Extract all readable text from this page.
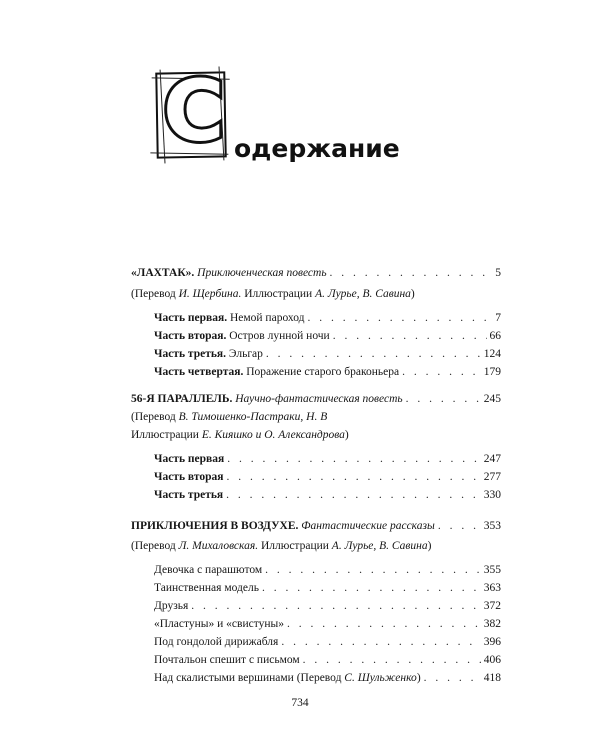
С одержание
«ЛАХТАК». Приключенческая повесть . . .	5
(Перевод И. Щербина. Иллюстрации А. Лурье, В. Савина)
Часть первая. Немой пароход . . .	7
Часть вторая. Остров лунной ночи . . .	66
Часть третья. Эльгар . . .	124
Часть четвертая. Поражение старого браконьера . . .	179
56-Я ПАРАЛЛЕЛЬ. Научно-фантастическая повесть . . .	245
(Перевод В. Тимошенко-Пастраки, Н. В
Иллюстрации Е. Кияшко и О. Александрова)
Часть первая . . .	247
Часть вторая . . .	277
Часть третья . . .	330
ПРИКЛЮЧЕНИЯ В ВОЗДУХЕ. Фантастические рассказы . . .	353
(Перевод Л. Михаловская. Иллюстрации А. Лурье, В. Савина)
Девочка с парашютом . . .	355
Таинственная модель . . .	363
Друзья . . .	372
«Пластуны» и «свистуны» . . .	382
Под гондолой дирижабля . . .	396
Почтальон спешит с письмом . . .	406
Над скалистыми вершинами (Перевод С. Шульженко) . . .	418
734
